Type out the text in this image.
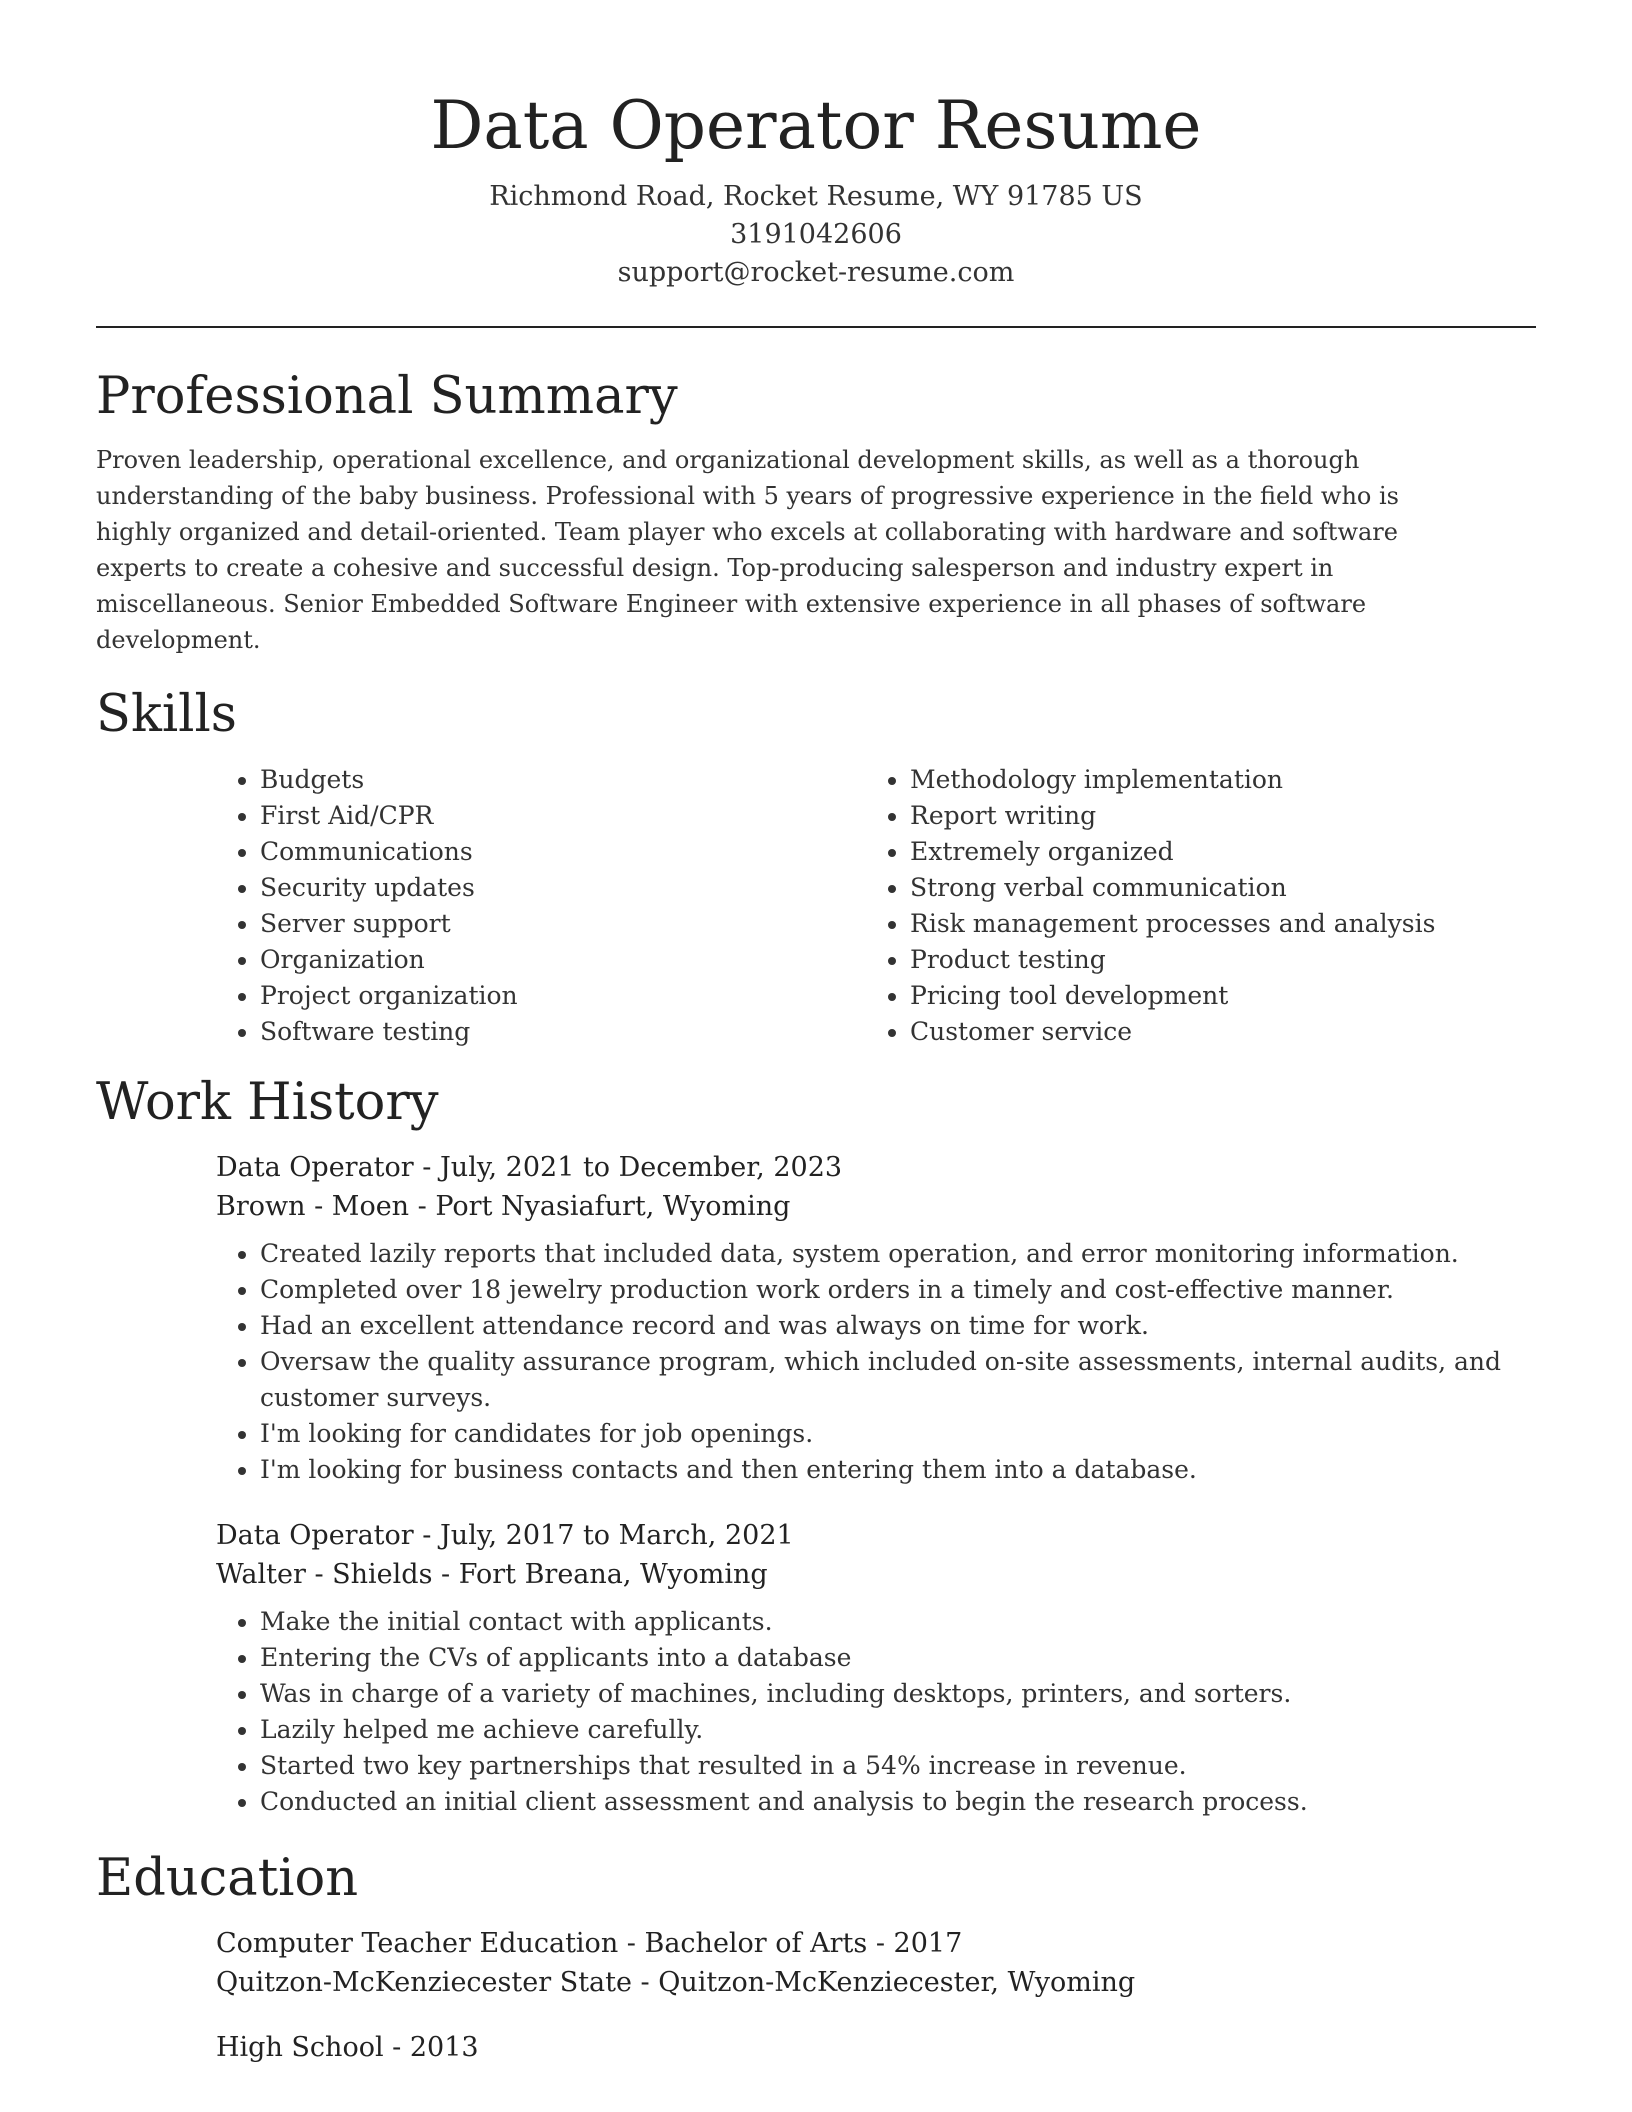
Data Operator Resume
Richmond Road, Rocket Resume, WY 91785 US
3191042606
support@rocket-resume.com
Professional Summary

Proven leadership, operational excellence, and organizational development skills, as well as a thorough understanding of the baby business. Professional with 5 years of progressive experience in the field who is highly organized and detail-oriented. Team player who excels at collaborating with hardware and software experts to create a cohesive and successful design. Top-producing salesperson and industry expert in miscellaneous. Senior Embedded Software Engineer with extensive experience in all phases of software development.

Skills
• Budgets
• First Aid/CPR
• Communications
• Security updates
• Server support
• Organization
• Project organization
• Software testing
• Methodology implementation
• Report writing
• Extremely organized
• Strong verbal communication
• Risk management processes and analysis
• Product testing
• Pricing tool development
• Customer service
Work History
Data Operator - July, 2021 to December, 2023
Brown - Moen - Port Nyasiafurt, Wyoming
• Created lazily reports that included data, system operation, and error monitoring information.
• Completed over 18 jewelry production work orders in a timely and cost-effective manner.
• Had an excellent attendance record and was always on time for work.
• Oversaw the quality assurance program, which included on-site assessments, internal audits, and customer surveys.
• I'm looking for candidates for job openings.
• I'm looking for business contacts and then entering them into a database.
Data Operator - July, 2017 to March, 2021
Walter - Shields - Fort Breana, Wyoming
• Make the initial contact with applicants.
• Entering the CVs of applicants into a database
• Was in charge of a variety of machines, including desktops, printers, and sorters.
• Lazily helped me achieve carefully.
• Started two key partnerships that resulted in a 54% increase in revenue.
• Conducted an initial client assessment and analysis to begin the research process.
Education
Computer Teacher Education - Bachelor of Arts - 2017
Quitzon-McKenziecester State - Quitzon-McKenziecester, Wyoming
High School - 2013
